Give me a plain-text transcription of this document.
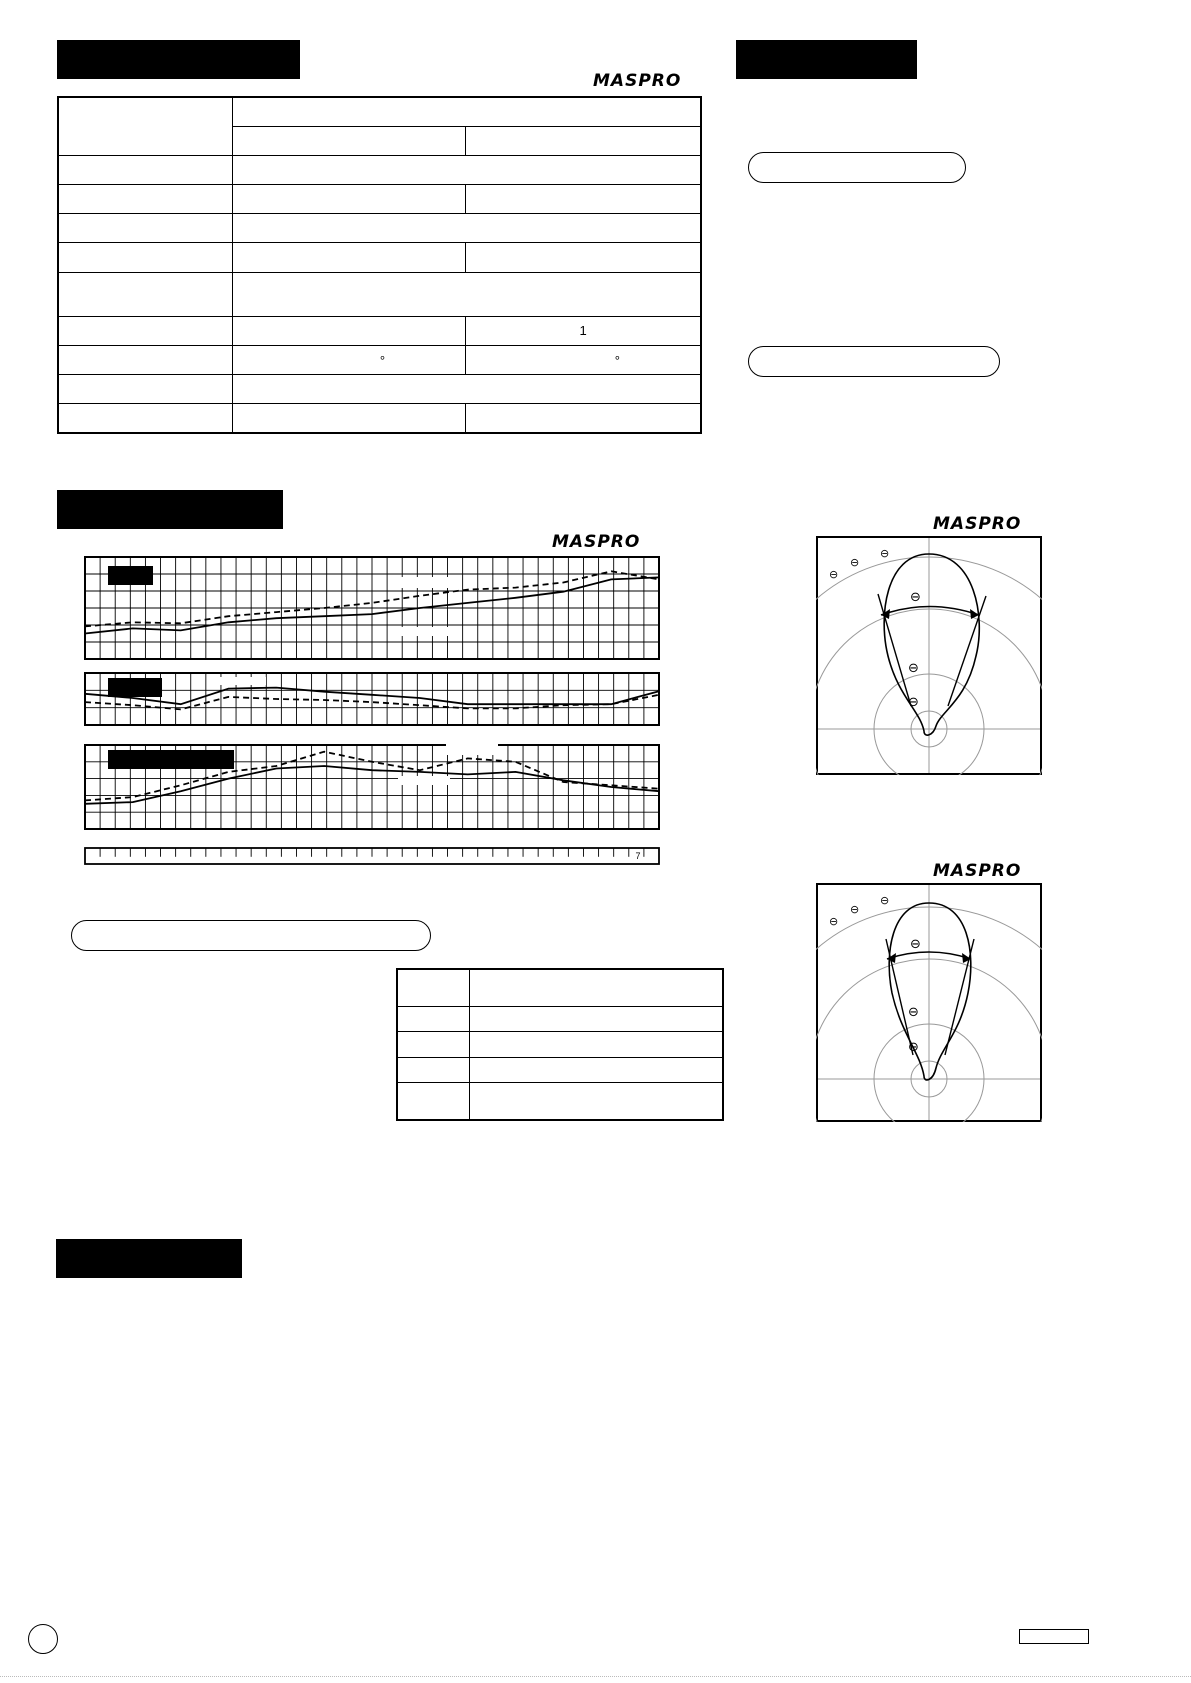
MASPRO
MASPRO
MASPRO
MASPRO

		1
	°	°

7

⊖
⊖
⊖
⊖
⊖
⊖
⊖
⊖
⊖
⊖
⊖
⊖
